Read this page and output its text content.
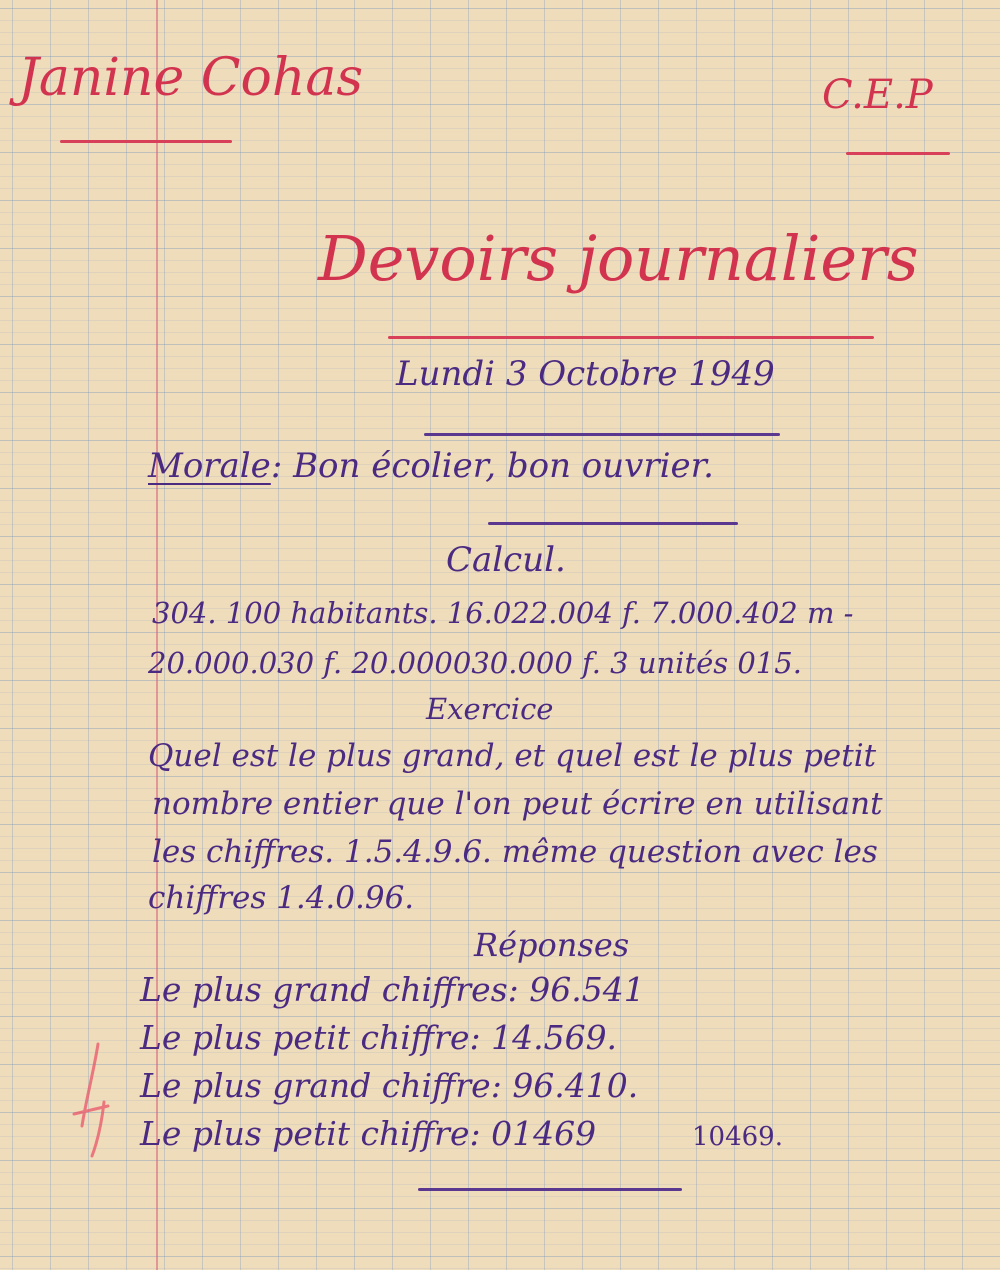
Janine Cohas	C.E.P
Devoirs journaliers
Lundi 3 Octobre 1949
Morale: Bon écolier, bon ouvrier.
Calcul.
304. 100 habitants. 16.022.004 f. 7.000.402 m -
20.000.030 f. 20.000030.000 f. 3 unités 015.
Exercice
Quel est le plus grand, et quel est le plus petit
nombre entier que l'on peut écrire en utilisant
les chiffres. 1.5.4.9.6. même question avec les
chiffres 1.4.0.96.
Réponses
Le plus grand chiffres: 96.541
Le plus petit chiffre: 14.569.
Le plus grand chiffre: 96.410.
Le plus petit chiffre: 01469	10469.
